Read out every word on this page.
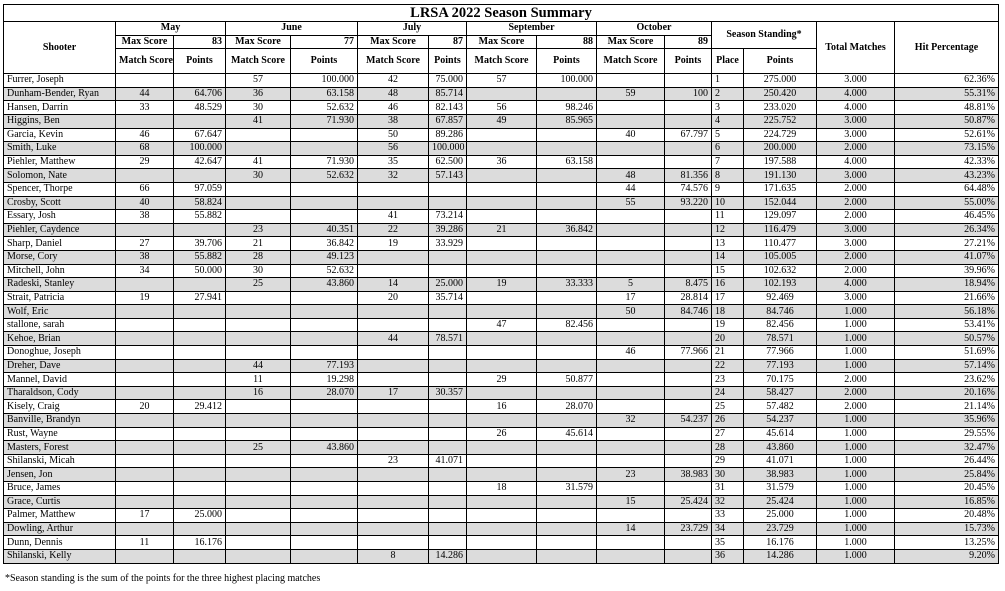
LRSA 2022 Season Summary														
Shooter	May		June		July		September		October		Season Standing*		Total Matches	Hit Percentage
	Max Score	83	Max Score	77	Max Score	87	Max Score	88	Max Score	89				
	Match Score	Points	Match Score	Points	Match Score	Points	Match Score	Points	Match Score	Points	Place	Points		
Furrer, Joseph			57	100.000	42	75.000	57	100.000			1	275.000	3.000	62.36%
Dunham-Bender, Ryan	44	64.706	36	63.158	48	85.714			59	100	2	250.420	4.000	55.31%
Hansen, Darrin	33	48.529	30	52.632	46	82.143	56	98.246			3	233.020	4.000	48.81%
Higgins, Ben			41	71.930	38	67.857	49	85.965			4	225.752	3.000	50.87%
Garcia, Kevin	46	67.647			50	89.286			40	67.797	5	224.729	3.000	52.61%
Smith, Luke	68	100.000			56	100.000					6	200.000	2.000	73.15%
Piehler, Matthew	29	42.647	41	71.930	35	62.500	36	63.158			7	197.588	4.000	42.33%
Solomon, Nate			30	52.632	32	57.143			48	81.356	8	191.130	3.000	43.23%
Spencer, Thorpe	66	97.059							44	74.576	9	171.635	2.000	64.48%
Crosby, Scott	40	58.824							55	93.220	10	152.044	2.000	55.00%
Essary, Josh	38	55.882			41	73.214					11	129.097	2.000	46.45%
Piehler, Caydence			23	40.351	22	39.286	21	36.842			12	116.479	3.000	26.34%
Sharp, Daniel	27	39.706	21	36.842	19	33.929					13	110.477	3.000	27.21%
Morse, Cory	38	55.882	28	49.123							14	105.005	2.000	41.07%
Mitchell, John	34	50.000	30	52.632							15	102.632	2.000	39.96%
Radeski, Stanley			25	43.860	14	25.000	19	33.333	5	8.475	16	102.193	4.000	18.94%
Strait, Patricia	19	27.941			20	35.714			17	28.814	17	92.469	3.000	21.66%
Wolf, Eric									50	84.746	18	84.746	1.000	56.18%
stallone, sarah							47	82.456			19	82.456	1.000	53.41%
Kehoe, Brian					44	78.571					20	78.571	1.000	50.57%
Donoghue, Joseph									46	77.966	21	77.966	1.000	51.69%
Dreher, Dave			44	77.193							22	77.193	1.000	57.14%
Mannel, David			11	19.298			29	50.877			23	70.175	2.000	23.62%
Tharaldson, Cody			16	28.070	17	30.357					24	58.427	2.000	20.16%
Kisely, Craig	20	29.412					16	28.070			25	57.482	2.000	21.14%
Banville, Brandyn									32	54.237	26	54.237	1.000	35.96%
Rust, Wayne							26	45.614			27	45.614	1.000	29.55%
Masters, Forest			25	43.860							28	43.860	1.000	32.47%
Shilanski, Micah					23	41.071					29	41.071	1.000	26.44%
Jensen, Jon									23	38.983	30	38.983	1.000	25.84%
Bruce, James							18	31.579			31	31.579	1.000	20.45%
Grace, Curtis									15	25.424	32	25.424	1.000	16.85%
Palmer, Matthew	17	25.000									33	25.000	1.000	20.48%
Dowling, Arthur									14	23.729	34	23.729	1.000	15.73%
Dunn, Dennis	11	16.176									35	16.176	1.000	13.25%
Shilanski, Kelly					8	14.286					36	14.286	1.000	9.20%
*Season standing is the sum of the points for the three highest placing matches
